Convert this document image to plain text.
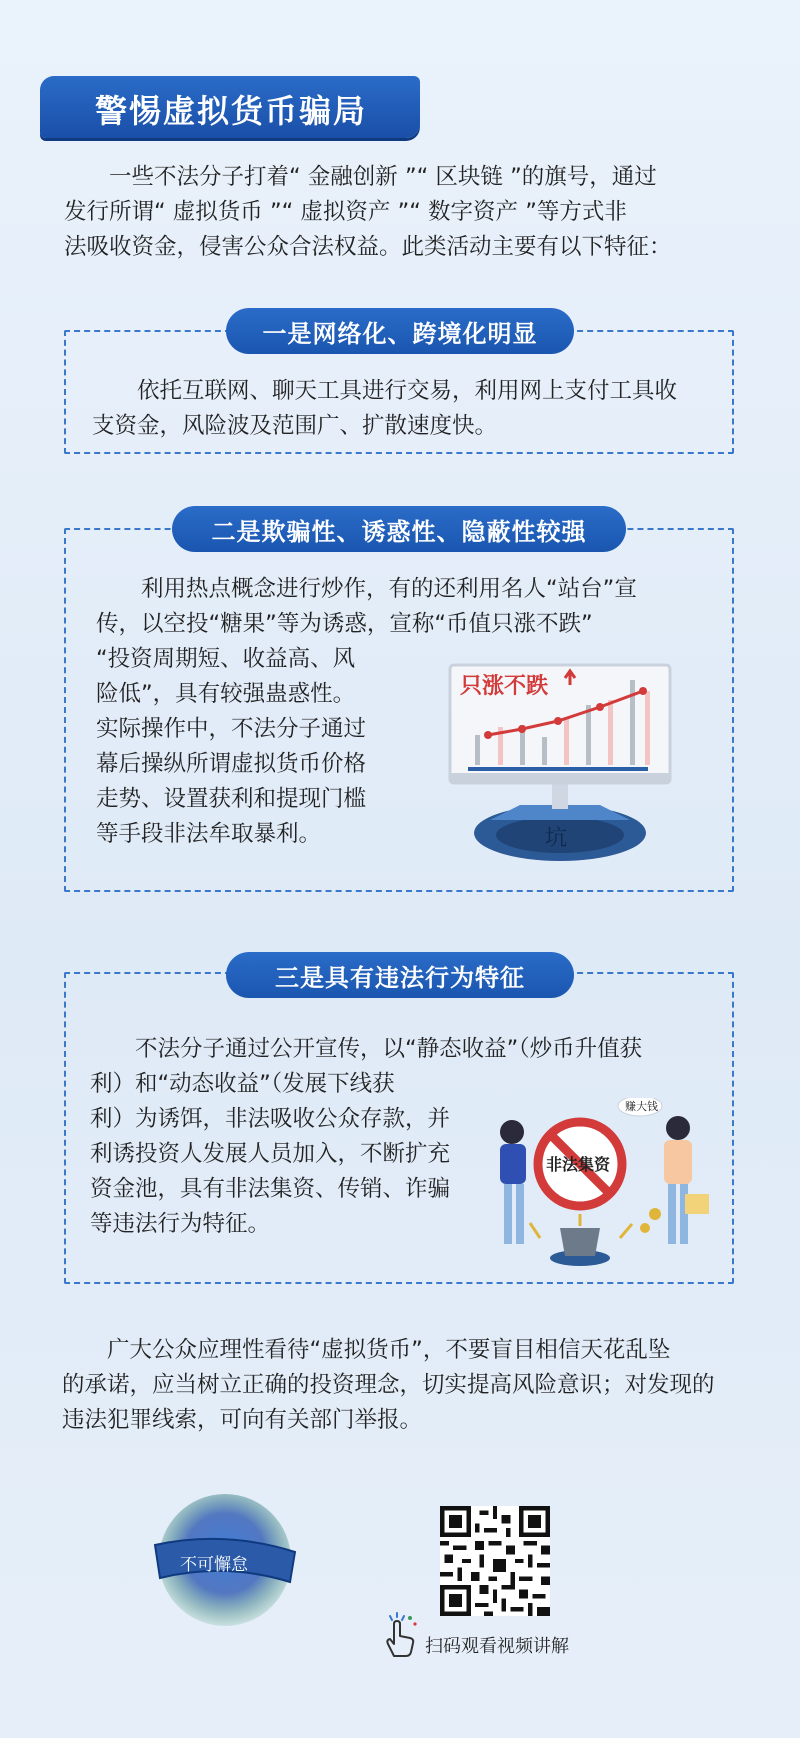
警惕虚拟货币骗局
一些不法分子打着“ 金融创新 ”“ 区块链 ”的旗号，通过
发行所谓“ 虚拟货币 ”“ 虚拟资产 ”“ 数字资产 ”等方式非
法吸收资金，侵害公众合法权益。此类活动主要有以下特征：
一是网络化、跨境化明显
依托互联网、聊天工具进行交易，利用网上支付工具收
支资金，风险波及范围广、扩散速度快。
二是欺骗性、诱惑性、隐蔽性较强
利用热点概念进行炒作，有的还利用名人“站台”宣
传，以空投“糖果”等为诱惑，宣称“币值只涨不跌”
“投资周期短、收益高、风
险低”，具有较强蛊惑性。
实际操作中，不法分子通过
幕后操纵所谓虚拟货币价格
走势、设置获利和提现门槛
等手段非法牟取暴利。
只涨不跌
坑
三是具有违法行为特征
不法分子通过公开宣传，以“静态收益”（炒币升值获
利）和“动态收益”（发展下线获
利）为诱饵，非法吸收公众存款，并
利诱投资人发展人员加入，不断扩充
资金池，具有非法集资、传销、诈骗
等违法行为特征。
非法集资
赚大钱
广大公众应理性看待“虚拟货币”，不要盲目相信天花乱坠
的承诺，应当树立正确的投资理念，切实提高风险意识；对发现的
违法犯罪线索，可向有关部门举报。
不可懈怠
扫码观看视频讲解
